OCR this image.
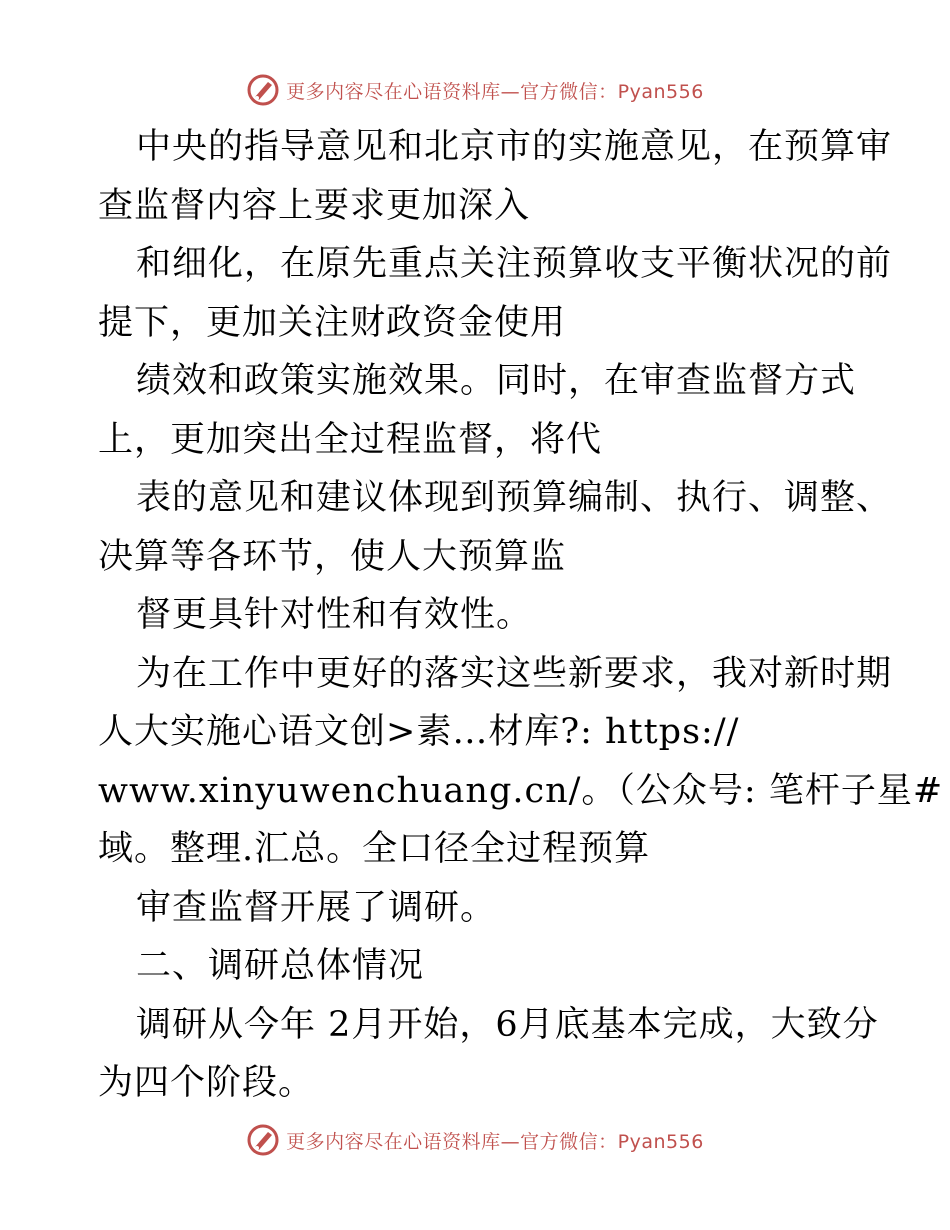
更多内容尽在心语资料库—官方微信：Pyan556
中央的指导意见和北京市的实施意见，在预算审
查监督内容上要求更加深入
和细化，在原先重点关注预算收支平衡状况的前
提下，更加关注财政资金使用
绩效和政策实施效果。同时，在审查监督方式
上，更加突出全过程监督，将代
表的意见和建议体现到预算编制、执行、调整、
决算等各环节，使人大预算监
督更具针对性和有效性。
为在工作中更好的落实这些新要求，我对新时期
人大实施心语文创>素…材库?: https://
www.xinyuwenchuang.cn/。（公众号: 笔杆子星#
域。整理.汇总。全口径全过程预算
审查监督开展了调研。
二、调研总体情况
调研从今年 2月开始，6月底基本完成，大致分
为四个阶段。
更多内容尽在心语资料库—官方微信：Pyan556
